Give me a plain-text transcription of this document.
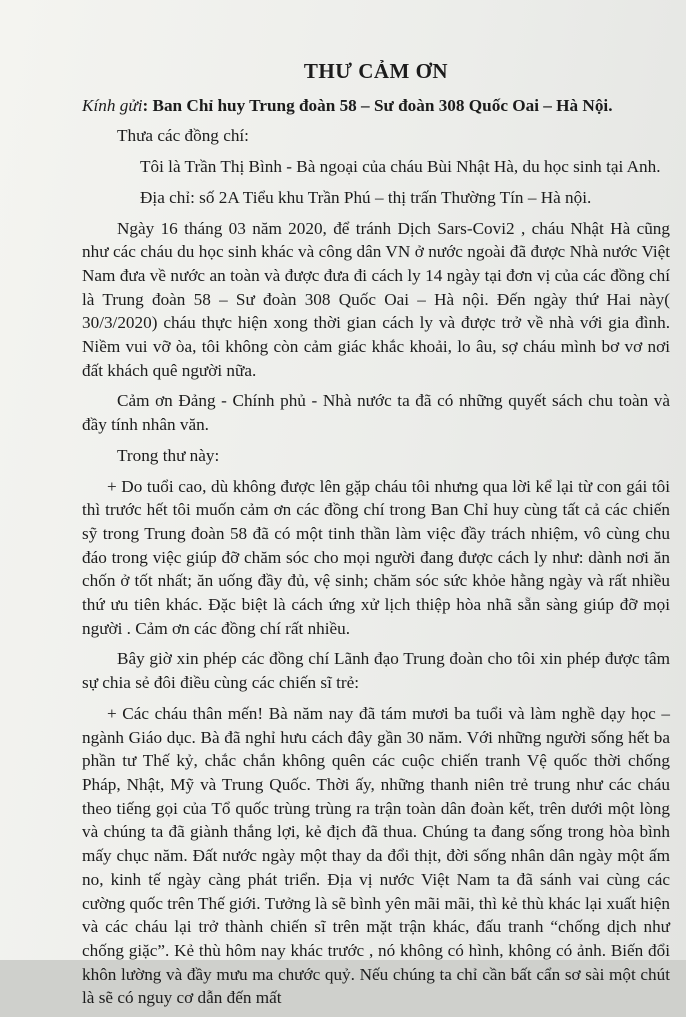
THƯ CẢM ƠN
Kính gửi: Ban Chỉ huy Trung đoàn 58 – Sư đoàn 308 Quốc Oai – Hà Nội.

Thưa các đồng chí:

Tôi là Trần Thị Bình - Bà ngoại của cháu Bùi Nhật Hà, du học sinh tại Anh.

Địa chỉ: số 2A Tiểu khu Trần Phú – thị trấn Thường Tín – Hà nội.

Ngày 16 tháng 03 năm 2020, để tránh Dịch Sars-Covi2 , cháu Nhật Hà cũng như các cháu du học sinh khác và công dân VN ở nước ngoài đã được Nhà nước Việt Nam đưa về nước an toàn và được đưa đi cách ly 14 ngày tại đơn vị của các đồng chí là Trung đoàn 58 – Sư đoàn 308 Quốc Oai – Hà nội. Đến ngày thứ Hai này( 30/3/2020) cháu thực hiện xong thời gian cách ly và được trở về nhà với gia đình. Niềm vui vỡ òa, tôi không còn cảm giác khắc khoải, lo âu, sợ cháu mình bơ vơ nơi đất khách quê người nữa.

Cảm ơn Đảng - Chính phủ - Nhà nước ta đã có những quyết sách chu toàn và đầy tính nhân văn.

Trong thư này:

+ Do tuổi cao, dù không được lên gặp cháu tôi nhưng qua lời kể lại từ con gái tôi thì trước hết tôi muốn cảm ơn các đồng chí trong Ban Chỉ huy cùng tất cả các chiến sỹ trong Trung đoàn 58 đã có một tinh thần làm việc đầy trách nhiệm, vô cùng chu đáo trong việc giúp đỡ chăm sóc cho mọi người đang được cách ly như: dành nơi ăn chốn ở tốt nhất; ăn uống đầy đủ, vệ sinh; chăm sóc sức khỏe hằng ngày và rất nhiều thứ ưu tiên khác. Đặc biệt là cách ứng xử lịch thiệp hòa nhã sẵn sàng giúp đỡ mọi người . Cảm ơn các đồng chí rất nhiều.

Bây giờ xin phép các đồng chí Lãnh đạo Trung đoàn cho tôi xin phép được tâm sự chia sẻ đôi điều cùng các chiến sĩ trẻ:

+ Các cháu thân mến! Bà năm nay đã tám mươi ba tuổi và làm nghề dạy học – ngành Giáo dục. Bà đã nghỉ hưu cách đây gần 30 năm. Với những người sống hết ba phần tư Thế kỷ, chắc chắn không quên các cuộc chiến tranh Vệ quốc thời chống Pháp, Nhật, Mỹ và Trung Quốc. Thời ấy, những thanh niên trẻ trung như các cháu theo tiếng gọi của Tổ quốc trùng trùng ra trận toàn dân đoàn kết, trên dưới một lòng và chúng ta đã giành thắng lợi, kẻ địch đã thua. Chúng ta đang sống trong hòa bình mấy chục năm. Đất nước ngày một thay da đổi thịt, đời sống nhân dân ngày một ấm no, kinh tế ngày càng phát triển. Địa vị nước Việt Nam ta đã sánh vai cùng các cường quốc trên Thế giới. Tưởng là sẽ bình yên mãi mãi, thì kẻ thù khác lại xuất hiện và các cháu lại trở thành chiến sĩ trên mặt trận khác, đấu tranh “chống dịch như chống giặc”. Kẻ thù hôm nay khác trước , nó không có hình, không có ảnh. Biến đổi khôn lường và đầy mưu ma chước quỷ. Nếu chúng ta chỉ cần bất cẩn sơ sài một chút là sẽ có nguy cơ dẫn đến mất
